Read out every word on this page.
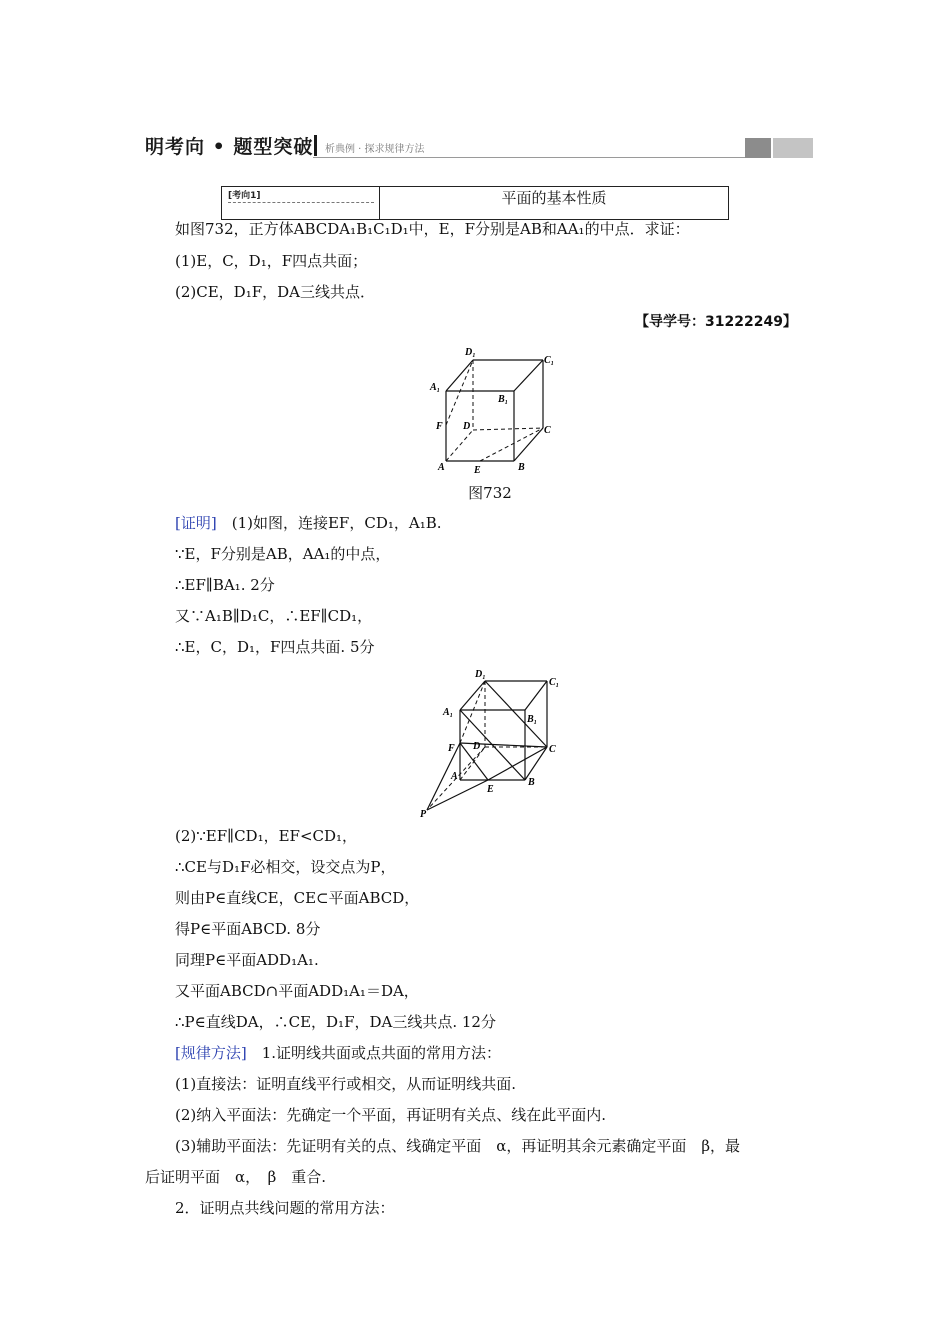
明考向 • 题型突破 析典例 · 探求规律方法
[考向1]	平面的基本性质
如图732，正方体ABCDA₁B₁C₁D₁中，E，F分别是AB和AA₁的中点．求证：
(1)E，C，D₁，F四点共面；
(2)CE，D₁F，DA三线共点．
【导学号：31222249】
D₁
C₁
A₁
B₁
D	C
F
A	E	B
图732
[证明]　 (1)如图，连接EF，CD₁，A₁B.
∵E，F分别是AB，AA₁的中点，
∴EF∥BA₁. 2分
又∵A₁B∥D₁C，∴EF∥CD₁，
∴E，C，D₁，F四点共面. 5分
D₁
C₁
A₁
B₁
F D	C
A
E
B
P
(2)∵EF∥CD₁，EF<CD₁，
∴CE与D₁F必相交，设交点为P，
则由P∈直线CE，CE⊂平面ABCD，
得P∈平面ABCD. 8分
同理P∈平面ADD₁A₁.
又平面ABCD∩平面ADD₁A₁＝DA，
∴P∈直线DA，∴CE，D₁F，DA三线共点. 12分
[规律方法]　 1.证明线共面或点共面的常用方法：
(1)直接法：证明直线平行或相交，从而证明线共面.
(2)纳入平面法：先确定一个平面，再证明有关点、线在此平面内.
(3)辅助平面法：先证明有关的点、线确定平面　α，再证明其余元素确定平面　β，最
后证明平面　α，　β　重合.
2．证明点共线问题的常用方法：
